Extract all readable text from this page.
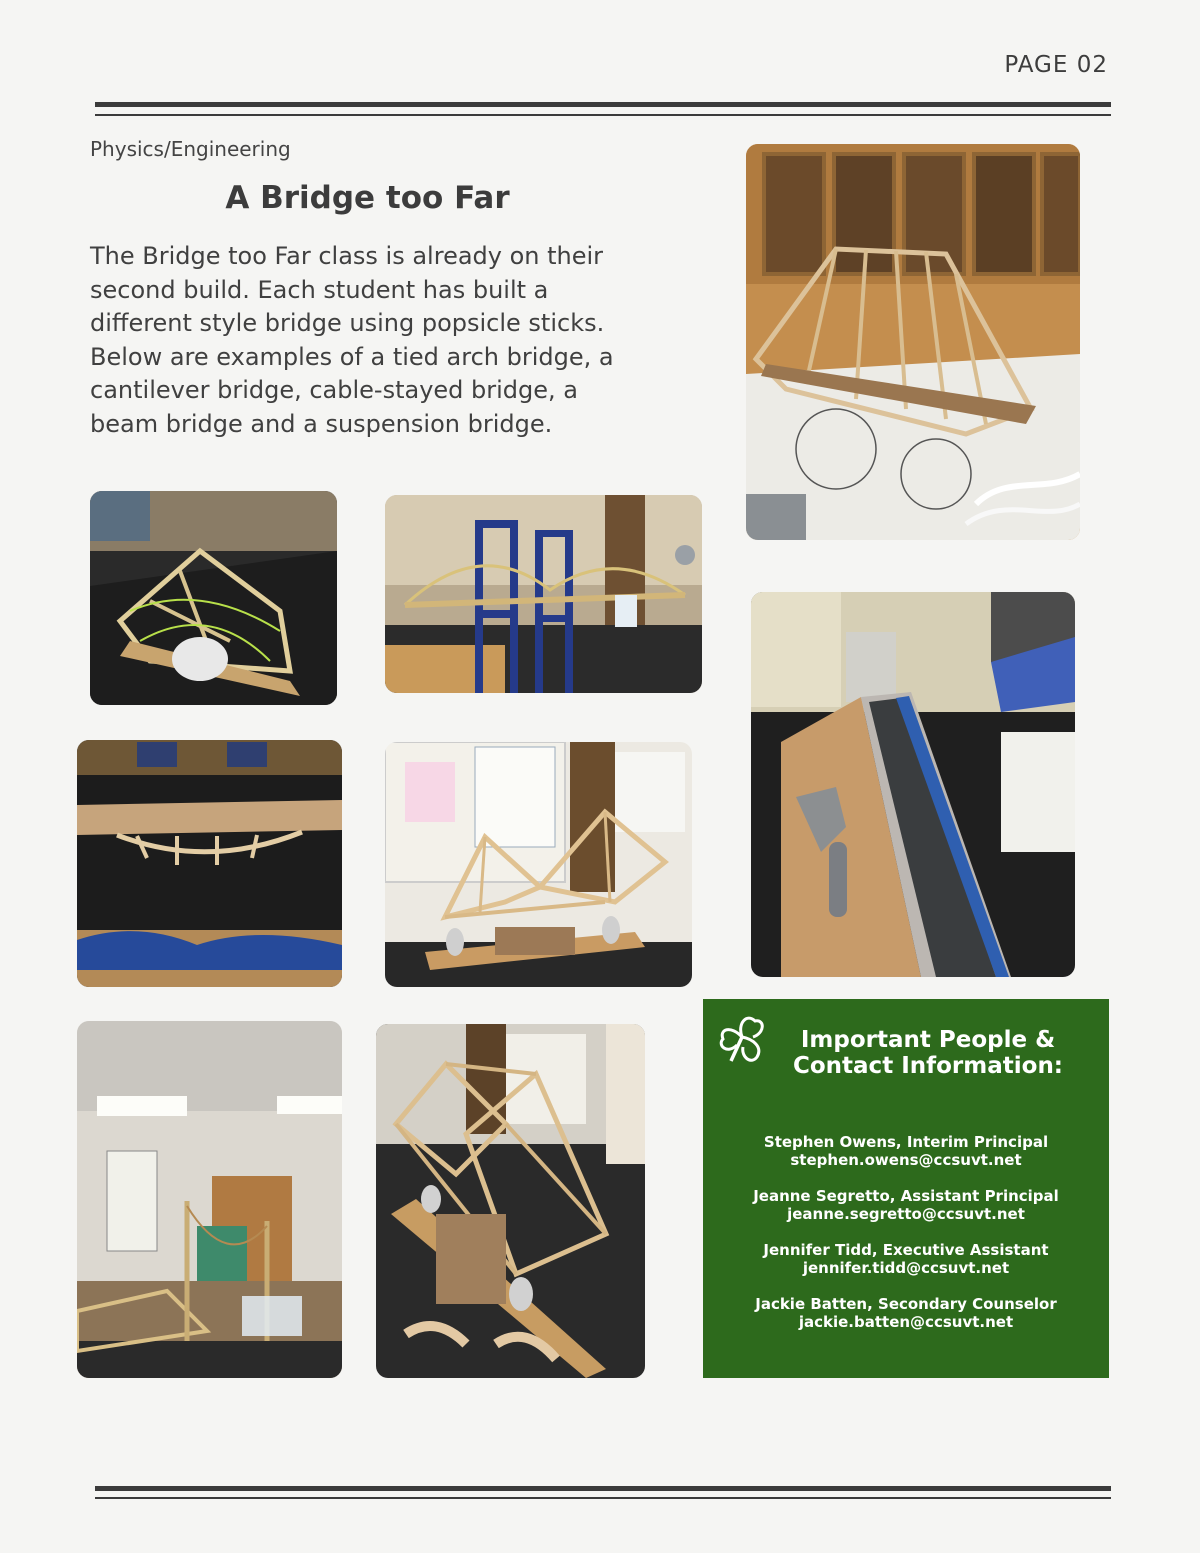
PAGE 02
Physics/Engineering
A Bridge too Far
The Bridge too Far class is already on their second build. Each student has built a different style bridge using popsicle sticks. Below are examples of a tied arch bridge, a cantilever bridge, cable-stayed bridge, a beam bridge and a suspension bridge.
Important People & Contact Information:
Stephen Owens, Interim Principal
stephen.owens@ccsuvt.net
Jeanne Segretto, Assistant Principal
jeanne.segretto@ccsuvt.net
Jennifer Tidd, Executive Assistant
jennifer.tidd@ccsuvt.net
Jackie Batten, Secondary Counselor
jackie.batten@ccsuvt.net
